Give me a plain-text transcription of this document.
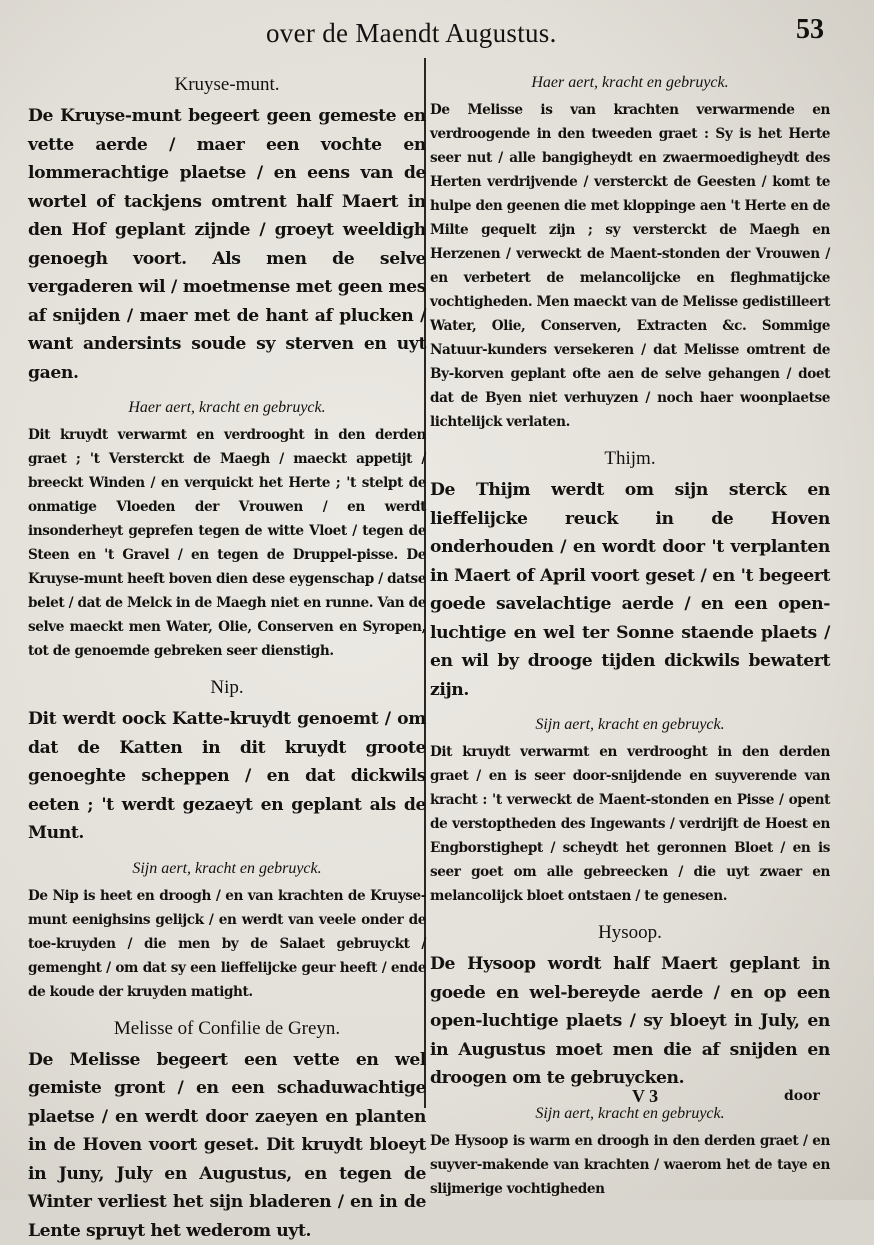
over de Maendt Augustus.	53
Kruyse-munt.

De Kruyse-munt begeert geen gemeste en vette aerde / maer een vochte en lommerachtige plaetse / en eens van de wortel of tackjens omtrent half Maert in den Hof geplant zijnde / groeyt weeldigh genoegh voort. Als men de selve vergaderen wil / moetmense met geen mes af snijden / maer met de hant af plucken / want andersints soude sy sterven en uyt gaen.

Haer aert, kracht en gebruyck.

Dit kruydt verwarmt en verdrooght in den derden graet ; 't Versterckt de Maegh / maeckt appetijt / breeckt Winden / en verquickt het Herte ; 't stelpt de onmatige Vloeden der Vrouwen / en werdt insonderheyt geprefen tegen de witte Vloet / tegen de Steen en 't Gravel / en tegen de Druppel-pisse. De Kruyse-munt heeft boven dien dese eygenschap / datse belet / dat de Melck in de Maegh niet en runne. Van de selve maeckt men Water, Olie, Conserven en Syropen, tot de genoemde gebreken seer dienstigh.

Nip.

Dit werdt oock Katte-kruydt genoemt / om dat de Katten in dit kruydt groote genoeghte scheppen / en dat dickwils eeten ; 't werdt gezaeyt en geplant als de Munt.

Sijn aert, kracht en gebruyck.

De Nip is heet en droogh / en van krachten de Kruyse-munt eenighsins gelijck / en werdt van veele onder de toe-kruyden / die men by de Salaet gebruyckt / gemenght / om dat sy een lieffelijcke geur heeft / ende de koude der kruyden matight.

Melisse of Confilie de Greyn.

De Melisse begeert een vette en wel gemiste gront / en een schaduwachtige plaetse / en werdt door zaeyen en planten in de Hoven voort geset. Dit kruydt bloeyt in Juny, July en Augustus, en tegen de Winter verliest het sijn bladeren / en in de Lente spruyt het wederom uyt.

Haer aert, kracht en gebruyck.

De Melisse is van krachten verwarmende en verdroogende in den tweeden graet : Sy is het Herte seer nut / alle bangigheydt en zwaermoedigheydt des Herten verdrijvende / versterckt de Geesten / komt te hulpe den geenen die met kloppinge aen 't Herte en de Milte gequelt zijn ; sy versterckt de Maegh en Herzenen / verweckt de Maent-stonden der Vrouwen / en verbetert de melancolijcke en fleghmatijcke vochtigheden. Men maeckt van de Melisse gedistilleert Water, Olie, Conserven, Extracten &c. Sommige Natuur-kunders versekeren / dat Melisse omtrent de By-korven geplant ofte aen de selve gehangen / doet dat de Byen niet verhuyzen / noch haer woonplaetse lichtelijck verlaten.

Thijm.

De Thijm werdt om sijn sterck en lieffelijcke reuck in de Hoven onderhouden / en wordt door 't verplanten in Maert of April voort geset / en 't begeert goede savelachtige aerde / en een open-luchtige en wel ter Sonne staende plaets / en wil by drooge tijden dickwils bewatert zijn.

Sijn aert, kracht en gebruyck.

Dit kruydt verwarmt en verdrooght in den derden graet / en is seer door-snijdende en suyverende van kracht : 't verweckt de Maent-stonden en Pisse / opent de verstoptheden des Ingewants / verdrijft de Hoest en Engborstighept / scheydt het geronnen Bloet / en is seer goet om alle gebreecken / die uyt zwaer en melancolijck bloet ontstaen / te genesen.

Hysoop.

De Hysoop wordt half Maert geplant in goede en wel-bereyde aerde / en op een open-luchtige plaets / sy bloeyt in July, en in Augustus moet men die af snijden en droogen om te gebruycken.

Sijn aert, kracht en gebruyck.

De Hysoop is warm en droogh in den derden graet / en suyver-makende van krachten / waerom het de taye en slijmerige vochtigheden

V 3	door
